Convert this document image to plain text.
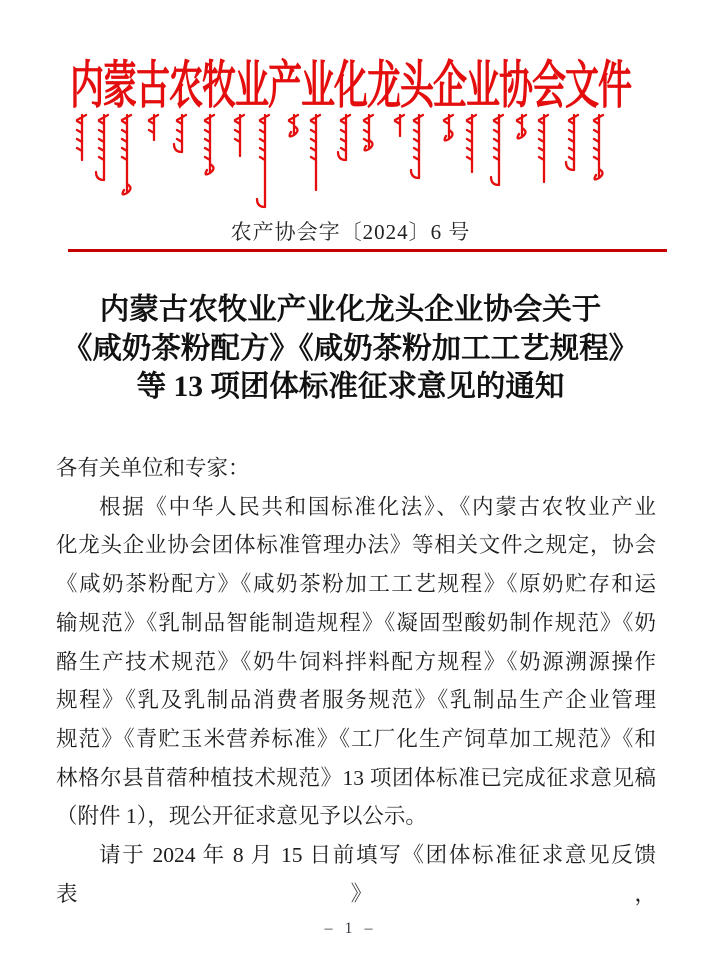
内蒙古农牧业产业化龙头企业协会文件
农产协会字〔2024〕6 号
内蒙古农牧业产业化龙头企业协会关于
《咸奶茶粉配方》《咸奶茶粉加工工艺规程》
等 13 项团体标准征求意见的通知
各有关单位和专家：
根据《中华人民共和国标准化法》、《内蒙古农牧业产业
化龙头企业协会团体标准管理办法》等相关文件之规定，协会
《咸奶茶粉配方》《咸奶茶粉加工工艺规程》《原奶贮存和运
输规范》《乳制品智能制造规程》《凝固型酸奶制作规范》《奶
酪生产技术规范》《奶牛饲料拌料配方规程》《奶源溯源操作
规程》《乳及乳制品消费者服务规范》《乳制品生产企业管理
规范》《青贮玉米营养标准》《工厂化生产饲草加工规范》《和
林格尔县苜蓿种植技术规范》13 项团体标准已完成征求意见稿
（附件 1），现公开征求意见予以公示。
请于 2024 年 8 月 15 日前填写《团体标准征求意见反馈表》，
– 1 –
